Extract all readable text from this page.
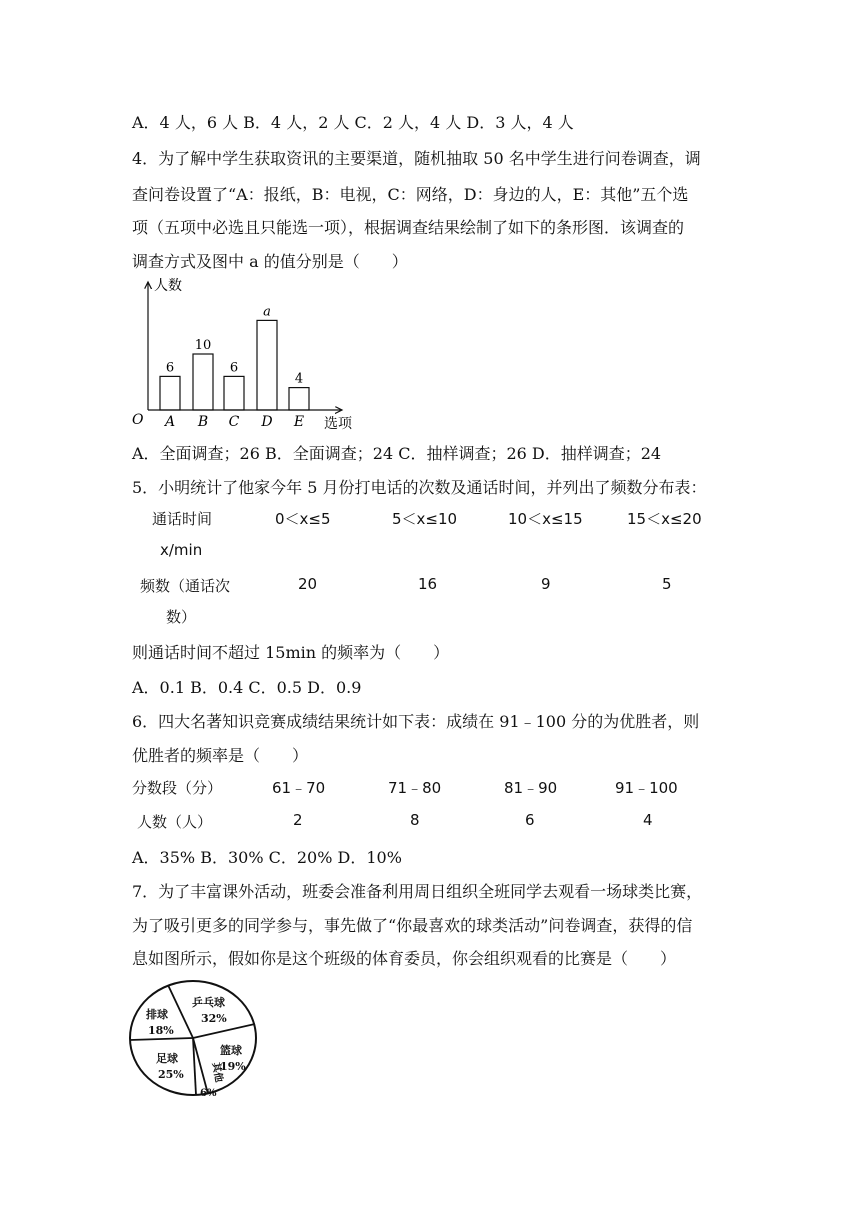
A．4 人，6 人 B．4 人，2 人 C．2 人，4 人 D．3 人，4 人
4．为了解中学生获取资讯的主要渠道，随机抽取 50 名中学生进行问卷调查，调
查问卷设置了“A：报纸，B：电视，C：网络，D：身边的人，E：其他”五个选
项（五项中必选且只能选一项），根据调查结果绘制了如下的条形图．该调查的
调查方式及图中 a 的值分别是（　　）
人数
选项
O
6
A
10
B
6
C
a
D
4
E
A．全面调查；26 B．全面调查；24 C．抽样调查；26 D．抽样调查；24
5．小明统计了他家今年 5 月份打电话的次数及通话时间，并列出了频数分布表：
通话时间	0＜x≤5	5＜x≤10	10＜x≤15	15＜x≤20
x/min
频数（通话次	20	16	9	5
数）
则通话时间不超过 15min 的频率为（　　）
A．0.1 B．0.4 C．0.5 D．0.9
6．四大名著知识竞赛成绩结果统计如下表：成绩在 91﹣100 分的为优胜者，则
优胜者的频率是（　　）
分数段（分）	61﹣70	71﹣80	81﹣90	91﹣100
人数（人）	2	8	6	4
A．35% B．30% C．20% D．10%
7．为了丰富课外活动，班委会准备利用周日组织全班同学去观看一场球类比赛，
为了吸引更多的同学参与，事先做了“你最喜欢的球类活动”问卷调查，获得的信
息如图所示，假如你是这个班级的体育委员，你会组织观看的比赛是（　　）
乒乓球
32%
排球
18%
足球
25%	其他
6%
篮球
19%
